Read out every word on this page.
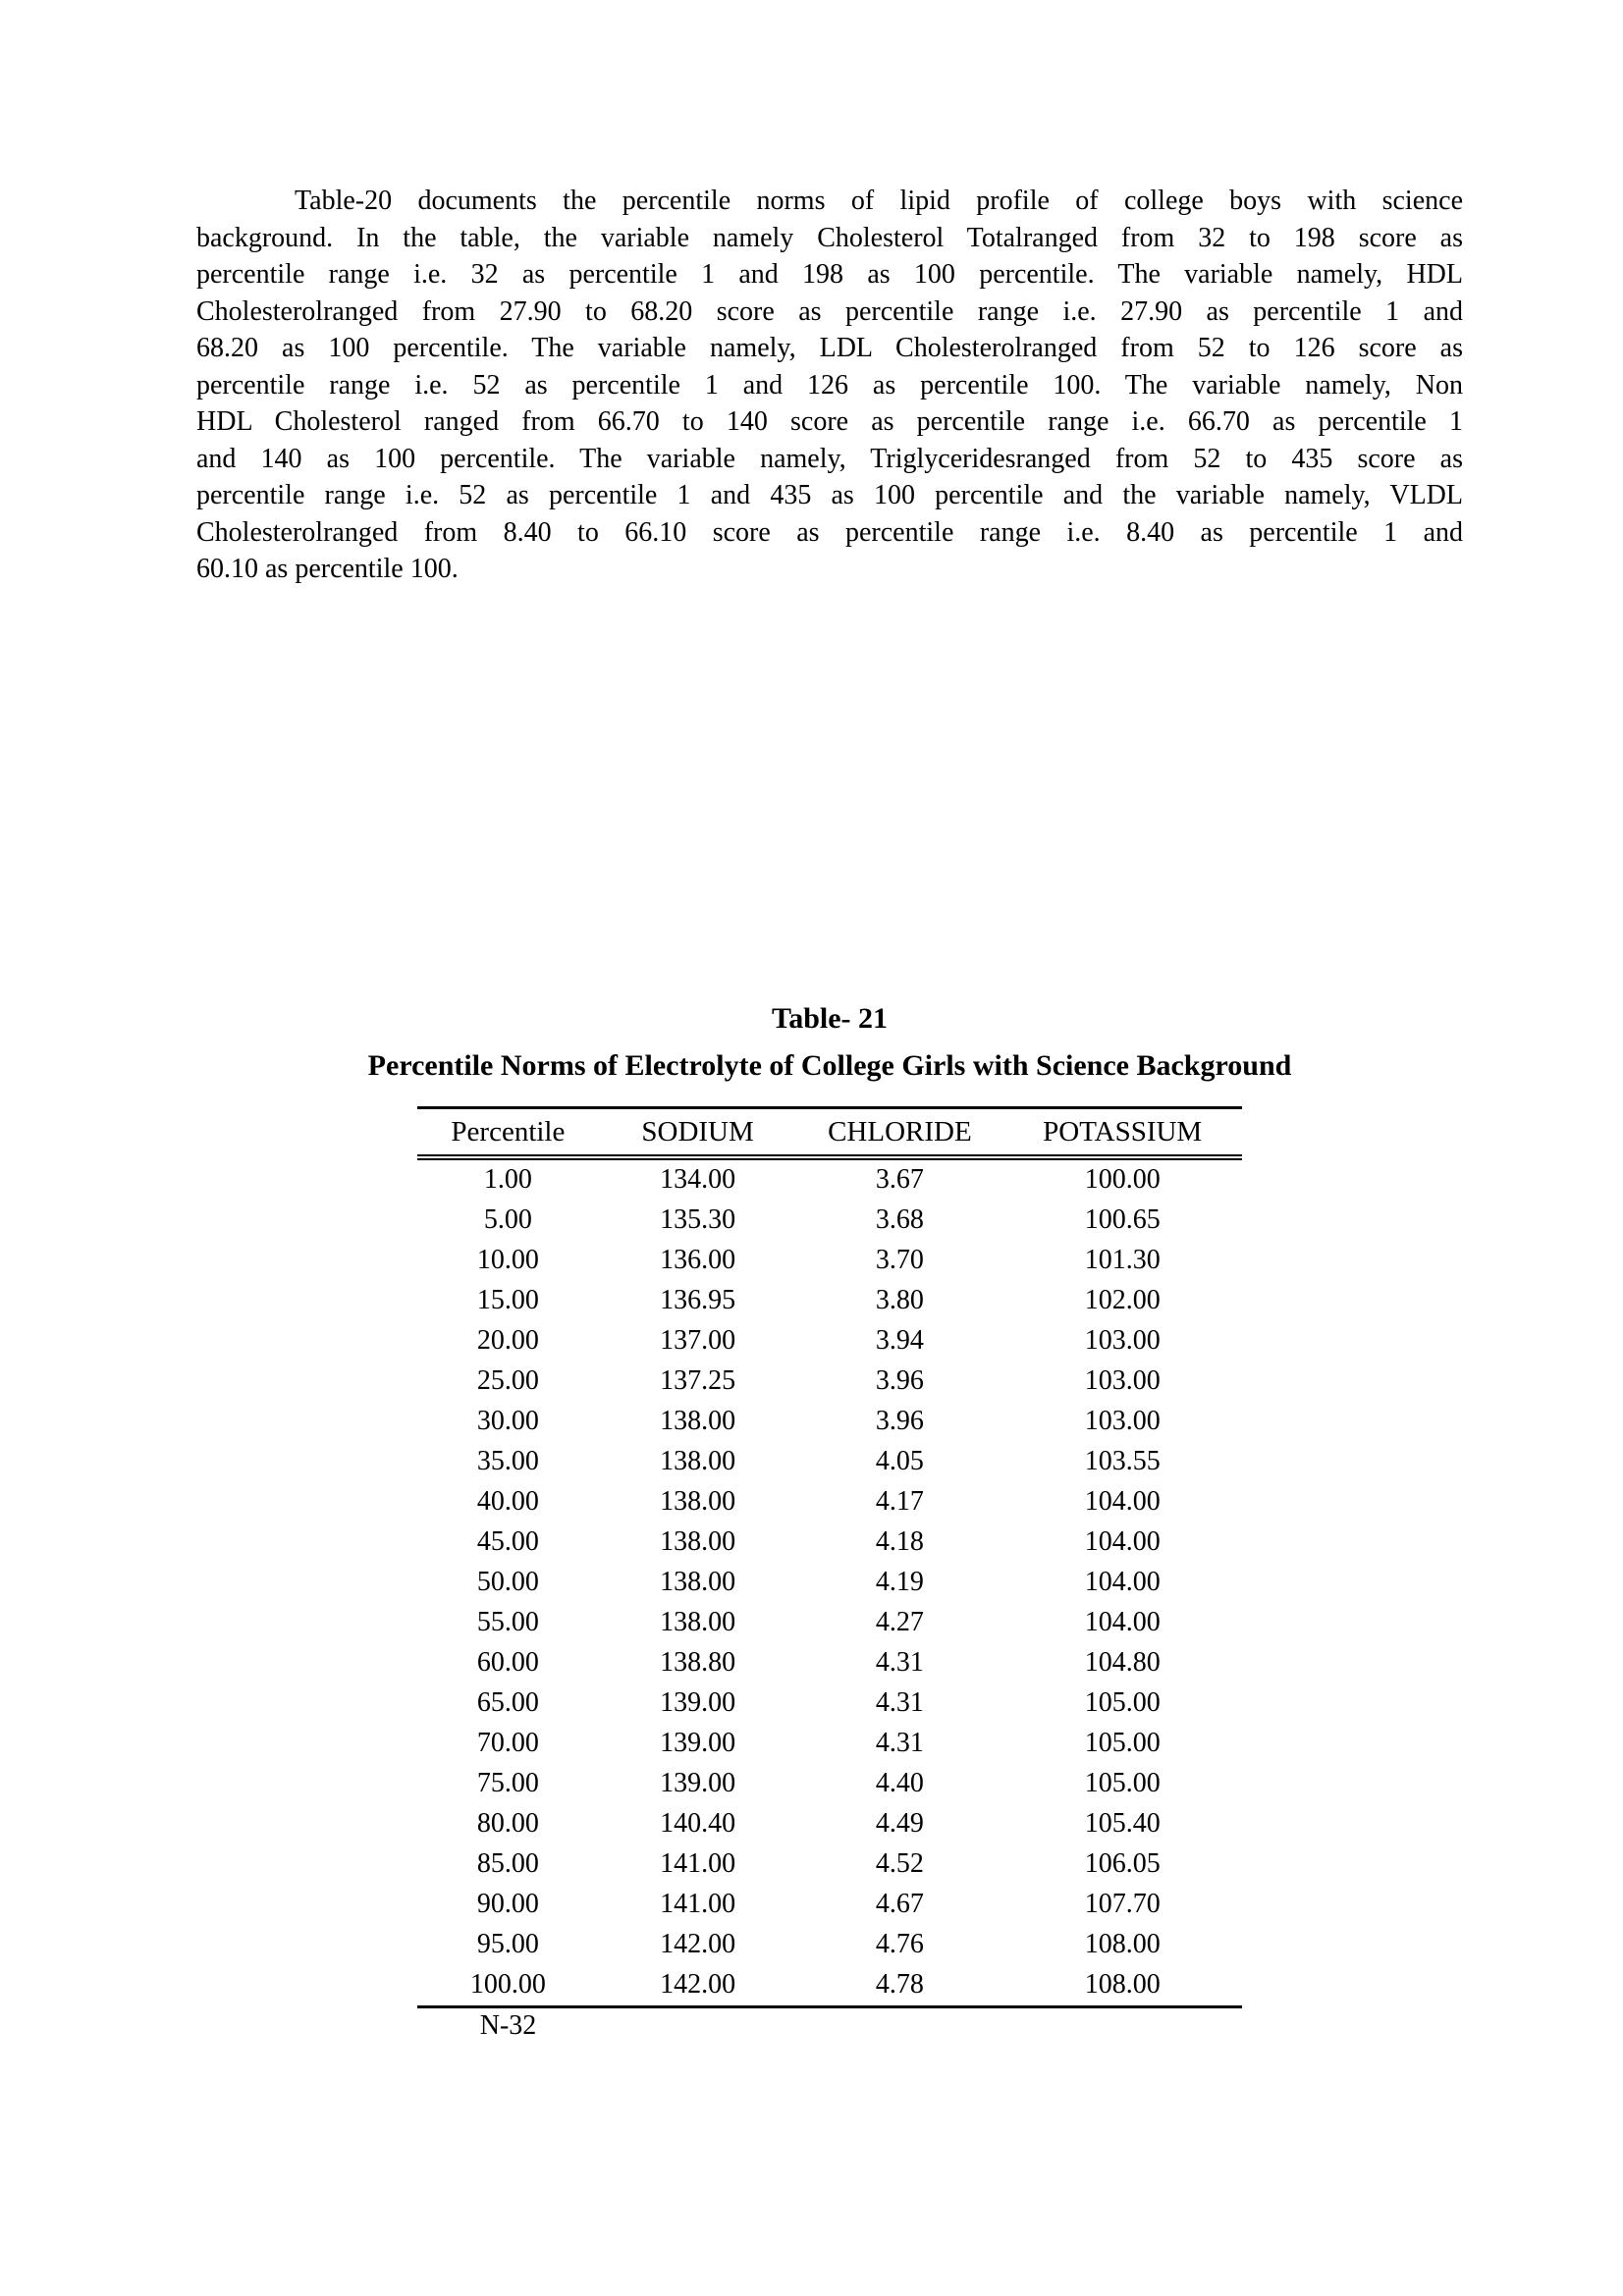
Table-20 documents the percentile norms of lipid profile of college boys with science
background. In the table, the variable namely Cholesterol Totalranged from 32 to 198 score as
percentile range i.e. 32 as percentile 1 and 198 as 100 percentile. The variable namely, HDL
Cholesterolranged from 27.90 to 68.20 score as percentile range i.e. 27.90 as percentile 1 and
68.20 as 100 percentile. The variable namely, LDL Cholesterolranged from 52 to 126 score as
percentile range i.e. 52 as percentile 1 and 126 as percentile 100. The variable namely, Non
HDL Cholesterol ranged from 66.70 to 140 score as percentile range i.e. 66.70 as percentile 1
and 140 as 100 percentile. The variable namely, Triglyceridesranged from 52 to 435 score as
percentile range i.e. 52 as percentile 1 and 435 as 100 percentile and the variable namely, VLDL
Cholesterolranged from 8.40 to 66.10 score as percentile range i.e. 8.40 as percentile 1 and
60.10 as percentile 100.
Table- 21
Percentile Norms of Electrolyte of College Girls with Science Background
Percentile	SODIUM	CHLORIDE	POTASSIUM
1.00	134.00	3.67	100.00
5.00	135.30	3.68	100.65
10.00	136.00	3.70	101.30
15.00	136.95	3.80	102.00
20.00	137.00	3.94	103.00
25.00	137.25	3.96	103.00
30.00	138.00	3.96	103.00
35.00	138.00	4.05	103.55
40.00	138.00	4.17	104.00
45.00	138.00	4.18	104.00
50.00	138.00	4.19	104.00
55.00	138.00	4.27	104.00
60.00	138.80	4.31	104.80
65.00	139.00	4.31	105.00
70.00	139.00	4.31	105.00
75.00	139.00	4.40	105.00
80.00	140.40	4.49	105.40
85.00	141.00	4.52	106.05
90.00	141.00	4.67	107.70
95.00	142.00	4.76	108.00
100.00	142.00	4.78	108.00
N-32
